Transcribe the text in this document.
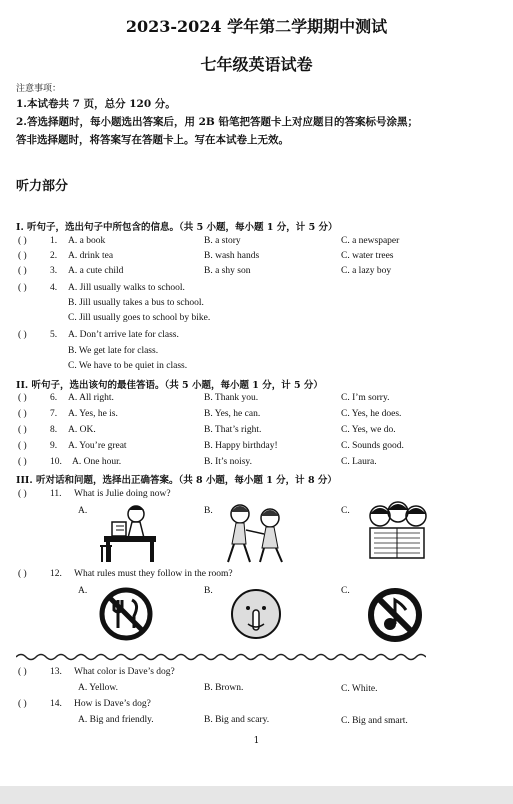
2023-2024 学年第二学期期中测试
七年级英语试卷
注意事项：
1.本试卷共 7 页，总分 120 分。
2.答选择题时，每小题选出答案后，用 2B 铅笔把答题卡上对应题目的答案标号涂黑；
答非选择题时，将答案写在答题卡上。写在本试卷上无效。
听力部分
I. 听句子，选出句子中所包含的信息。（共 5 小题，每小题 1 分，计 5 分）
( ) 1. A. a book	B. a story	C. a newspaper
( ) 2. A. drink tea	B. wash hands	C. water trees
( ) 3. A. a cute child	B. a shy son	C. a lazy boy
( ) 4. A. Jill usually walks to school.
B. Jill usually takes a bus to school.
C. Jill usually goes to school by bike.
( ) 5. A. Don’t arrive late for class.
B. We get late for class.
C. We have to be quiet in class.
II. 听句子，选出该句的最佳答语。（共 5 小题，每小题 1 分，计 5 分）
( ) 6. A. All right.	B. Thank you.	C. I’m sorry.
( ) 7. A. Yes, he is.	B. Yes, he can.	C. Yes, he does.
( ) 8. A. OK.	B. That’s right.	C. Yes, we do.
( ) 9. A. You’re great	B. Happy birthday!	C. Sounds good.
( ) 10. A. One hour.	B. It’s noisy.	C. Laura.
III. 听对话和问题，选择出正确答案。（共 8 小题，每小题 1 分，计 8 分）
( ) 11. What is Julie doing now?
A.	B.	C.
( ) 12. What rules must they follow in the room?
A.	B.	C.
( ) 13. What color is Dave’s dog?
A. Yellow.	B. Brown.	C. White.
( ) 14. How is Dave’s dog?
A. Big and friendly.	B. Big and scary.	C. Big and smart.
1
